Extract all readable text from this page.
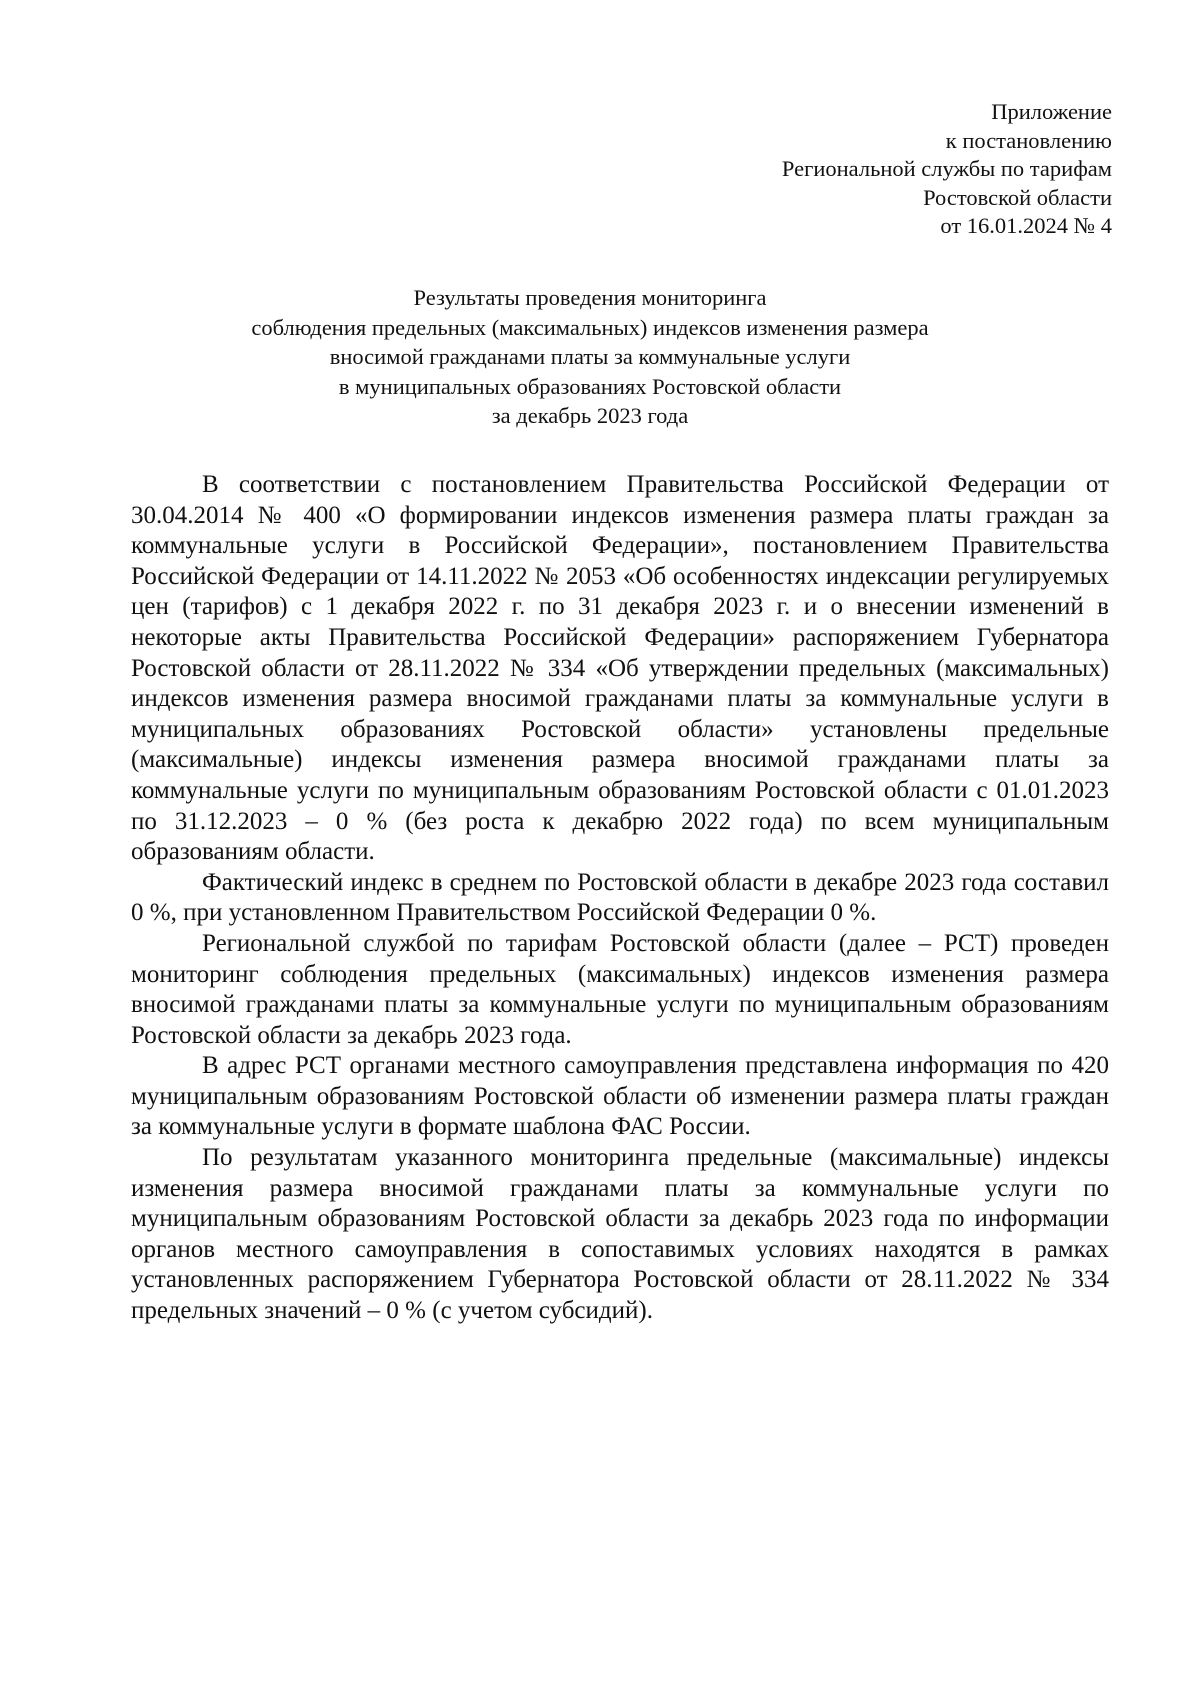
Приложение
к постановлению
Региональной службы по тарифам
Ростовской области
от 16.01.2024 № 4
Результаты проведения мониторинга
соблюдения предельных (максимальных) индексов изменения размера
вносимой гражданами платы за коммунальные услуги
в муниципальных образованиях Ростовской области
за декабрь 2023 года

В соответствии с постановлением Правительства Российской Федерации от 30.04.2014 № 400 «О формировании индексов изменения размера платы граждан за коммунальные услуги в Российской Федерации», постановлением Правительства Российской Федерации от 14.11.2022 № 2053 «Об особенностях индексации регулируемых цен (тарифов) с 1 декабря 2022 г. по 31 декабря 2023 г. и о внесении изменений в некоторые акты Правительства Российской Федерации» распоряжением Губернатора Ростовской области от 28.11.2022 № 334 «Об утверждении предельных (максимальных) индексов изменения размера вносимой гражданами платы за коммунальные услуги в муниципальных образованиях Ростовской области» установлены предельные (максимальные) индексы изменения размера вносимой гражданами платы за коммунальные услуги по муниципальным образованиям Ростовской области с 01.01.2023 по 31.12.2023 – 0 % (без роста к декабрю 2022 года) по всем муниципальным образованиям области.

Фактический индекс в среднем по Ростовской области в декабре 2023 года составил 0 %, при установленном Правительством Российской Федерации 0 %.

Региональной службой по тарифам Ростовской области (далее – РСТ) проведен мониторинг соблюдения предельных (максимальных) индексов изменения размера вносимой гражданами платы за коммунальные услуги по муниципальным образованиям Ростовской области за декабрь 2023 года.

В адрес РСТ органами местного самоуправления представлена информация по 420 муниципальным образованиям Ростовской области об изменении размера платы граждан за коммунальные услуги в формате шаблона ФАС России.

По результатам указанного мониторинга предельные (максимальные) индексы изменения размера вносимой гражданами платы за коммунальные услуги по муниципальным образованиям Ростовской области за декабрь 2023 года по информации органов местного самоуправления в сопоставимых условиях находятся в рамках установленных распоряжением Губернатора Ростовской области от 28.11.2022 № 334 предельных значений – 0 % (с учетом субсидий).
